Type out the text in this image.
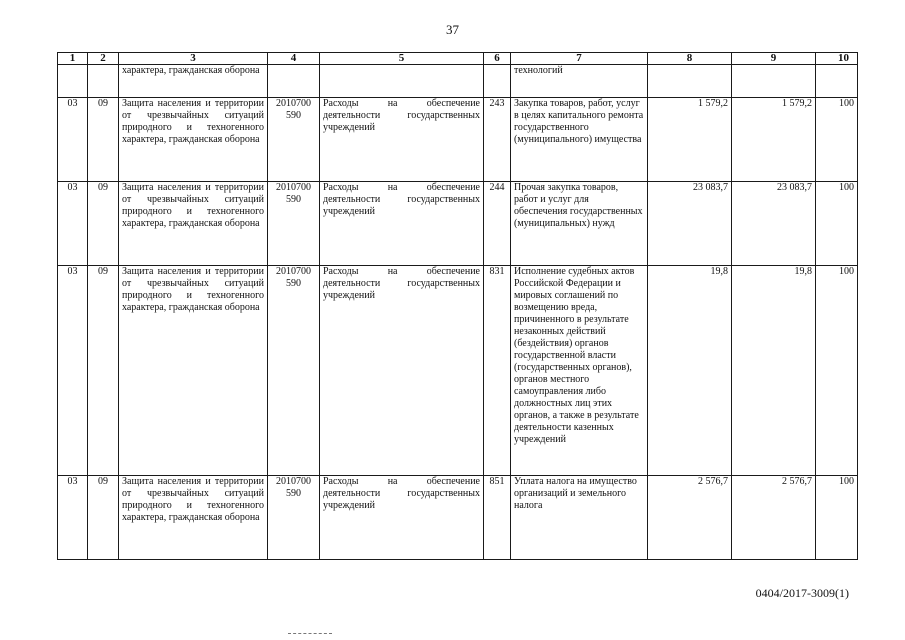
37
1	2	3	4	5	6	7	8	9	10
		характера, гражданская оборона				технологий			
03	09	Защита населения и территории от чрезвычайных ситуаций природного и техногенного характера, гражданская оборона	2010700 590	Расходы на обеспечение деятельности государственных учреждений	243	Закупка товаров, работ, услуг в целях капитального ремонта государственного (муниципального) имущества	1 579,2	1 579,2	100
03	09	Защита населения и территории от чрезвычайных ситуаций природного и техногенного характера, гражданская оборона	2010700 590	Расходы на обеспечение деятельности государственных учреждений	244	Прочая закупка товаров, работ и услуг для обеспечения государственных (муниципальных) нужд	23 083,7	23 083,7	100
03	09	Защита населения и территории от чрезвычайных ситуаций природного и техногенного характера, гражданская оборона	2010700 590	Расходы на обеспечение деятельности государственных учреждений	831	Исполнение судебных актов Российской Федерации и мировых соглашений по возмещению вреда, причиненного в результате незаконных действий (бездействия) органов государственной власти (государственных органов), органов местного самоуправления либо должностных лиц этих органов, а также в результате деятельности казенных учреждений	19,8	19,8	100
03	09	Защита населения и территории от чрезвычайных ситуаций природного и техногенного характера, гражданская оборона	2010700 590	Расходы на обеспечение деятельности государственных учреждений	851	Уплата налога на имущество организаций и земельного налога	2 576,7	2 576,7	100
0404/2017-3009(1)
